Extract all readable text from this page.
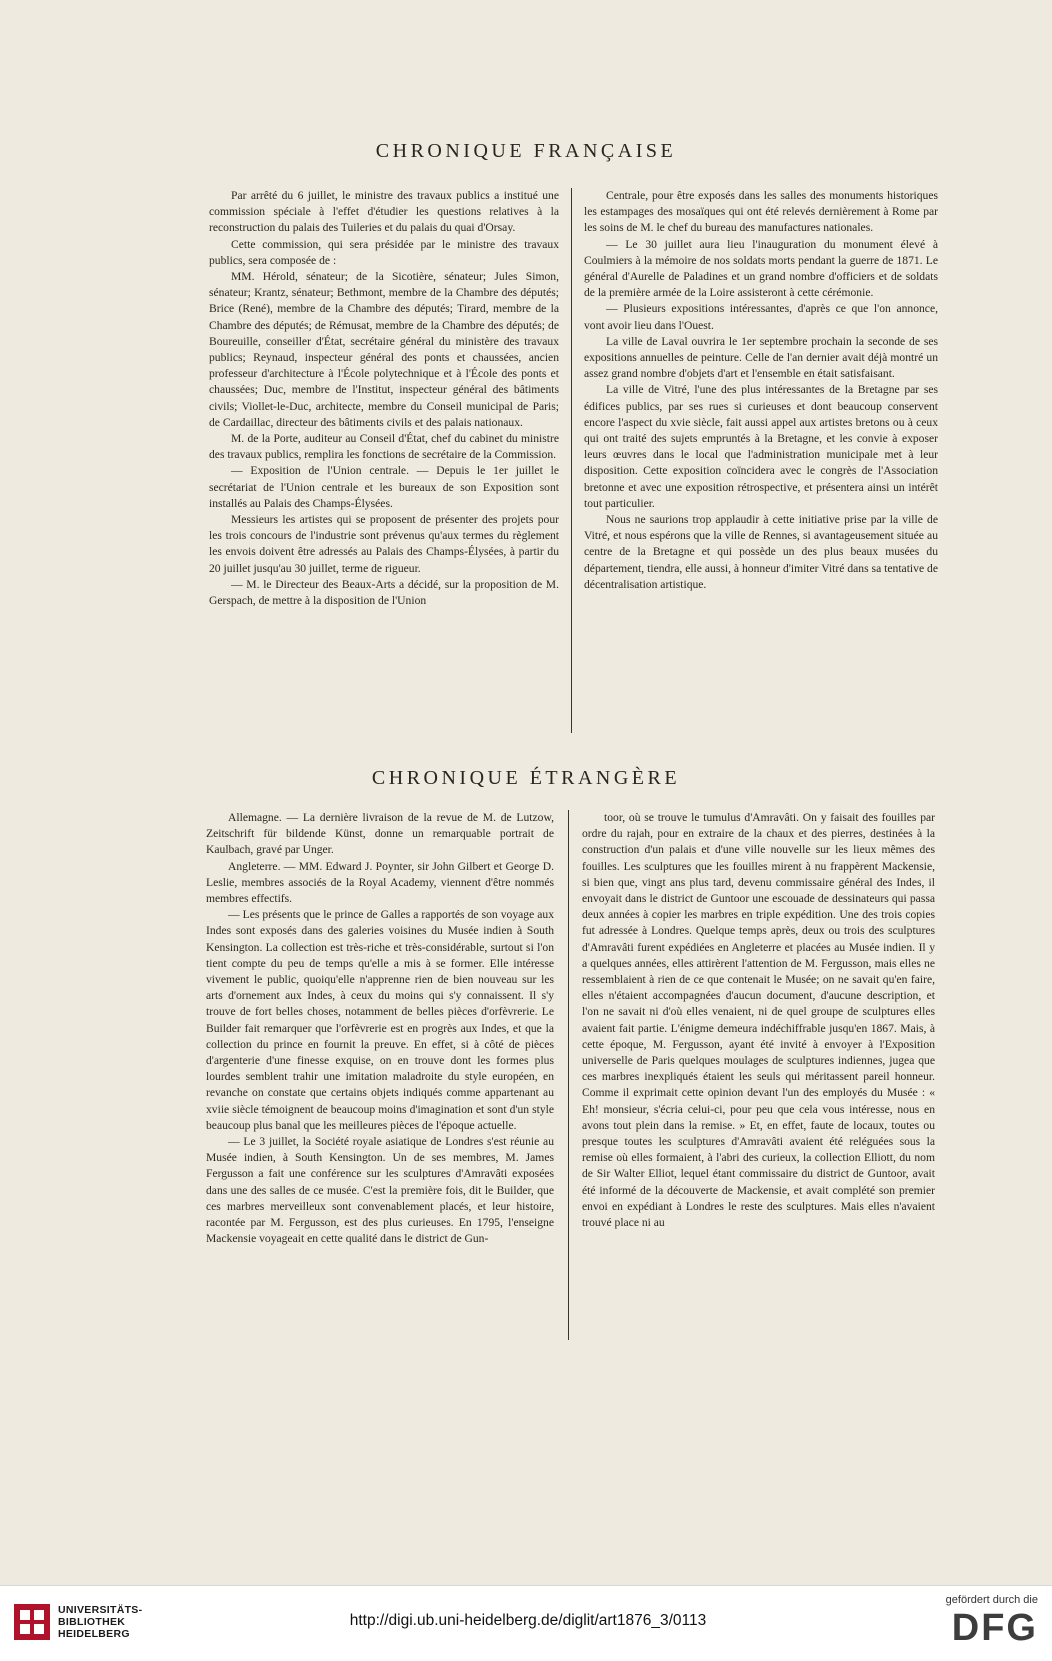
CHRONIQUE FRANÇAISE

Par arrêté du 6 juillet, le ministre des travaux publics a institué une commission spéciale à l'effet d'étudier les questions relatives à la reconstruction du palais des Tuileries et du palais du quai d'Orsay.

Cette commission, qui sera présidée par le ministre des travaux publics, sera composée de :

MM. Hérold, sénateur; de la Sicotière, sénateur; Jules Simon, sénateur; Krantz, sénateur; Bethmont, membre de la Chambre des députés; Brice (René), membre de la Chambre des députés; Tirard, membre de la Chambre des députés; de Rémusat, membre de la Chambre des députés; de Boureuille, conseiller d'État, secrétaire général du ministère des travaux publics; Reynaud, inspecteur général des ponts et chaussées, ancien professeur d'architecture à l'École polytechnique et à l'École des ponts et chaussées; Duc, membre de l'Institut, inspecteur général des bâtiments civils; Viollet-le-Duc, architecte, membre du Conseil municipal de Paris; de Cardaillac, directeur des bâtiments civils et des palais nationaux.

M. de la Porte, auditeur au Conseil d'État, chef du cabinet du ministre des travaux publics, remplira les fonctions de secrétaire de la Commission.

— Exposition de l'Union centrale. — Depuis le 1er juillet le secrétariat de l'Union centrale et les bureaux de son Exposition sont installés au Palais des Champs-Élysées.

Messieurs les artistes qui se proposent de présenter des projets pour les trois concours de l'industrie sont prévenus qu'aux termes du règlement les envois doivent être adressés au Palais des Champs-Élysées, à partir du 20 juillet jusqu'au 30 juillet, terme de rigueur.

— M. le Directeur des Beaux-Arts a décidé, sur la proposition de M. Gerspach, de mettre à la disposition de l'Union

Centrale, pour être exposés dans les salles des monuments historiques les estampages des mosaïques qui ont été relevés dernièrement à Rome par les soins de M. le chef du bureau des manufactures nationales.

— Le 30 juillet aura lieu l'inauguration du monument élevé à Coulmiers à la mémoire de nos soldats morts pendant la guerre de 1871. Le général d'Aurelle de Paladines et un grand nombre d'officiers et de soldats de la première armée de la Loire assisteront à cette cérémonie.

— Plusieurs expositions intéressantes, d'après ce que l'on annonce, vont avoir lieu dans l'Ouest.

La ville de Laval ouvrira le 1er septembre prochain la seconde de ses expositions annuelles de peinture. Celle de l'an dernier avait déjà montré un assez grand nombre d'objets d'art et l'ensemble en était satisfaisant.

La ville de Vitré, l'une des plus intéressantes de la Bretagne par ses édifices publics, par ses rues si curieuses et dont beaucoup conservent encore l'aspect du xvie siècle, fait aussi appel aux artistes bretons ou à ceux qui ont traité des sujets empruntés à la Bretagne, et les convie à exposer leurs œuvres dans le local que l'administration municipale met à leur disposition. Cette exposition coïncidera avec le congrès de l'Association bretonne et avec une exposition rétrospective, et présentera ainsi un intérêt tout particulier.

Nous ne saurions trop applaudir à cette initiative prise par la ville de Vitré, et nous espérons que la ville de Rennes, si avantageusement située au centre de la Bretagne et qui possède un des plus beaux musées du département, tiendra, elle aussi, à honneur d'imiter Vitré dans sa tentative de décentralisation artistique.

CHRONIQUE ÉTRANGÈRE

Allemagne. — La dernière livraison de la revue de M. de Lutzow, Zeitschrift für bildende Künst, donne un remarquable portrait de Kaulbach, gravé par Unger.

Angleterre. — MM. Edward J. Poynter, sir John Gilbert et George D. Leslie, membres associés de la Royal Academy, viennent d'être nommés membres effectifs.

— Les présents que le prince de Galles a rapportés de son voyage aux Indes sont exposés dans des galeries voisines du Musée indien à South Kensington. La collection est très-riche et très-considérable, surtout si l'on tient compte du peu de temps qu'elle a mis à se former. Elle intéresse vivement le public, quoiqu'elle n'apprenne rien de bien nouveau sur les arts d'ornement aux Indes, à ceux du moins qui s'y connaissent. Il s'y trouve de fort belles choses, notamment de belles pièces d'orfèvrerie. Le Builder fait remarquer que l'orfèvrerie est en progrès aux Indes, et que la collection du prince en fournit la preuve. En effet, si à côté de pièces d'argenterie d'une finesse exquise, on en trouve dont les formes plus lourdes semblent trahir une imitation maladroite du style européen, en revanche on constate que certains objets indiqués comme appartenant au xviie siècle témoignent de beaucoup moins d'imagination et sont d'un style beaucoup plus banal que les meilleures pièces de l'époque actuelle.

— Le 3 juillet, la Société royale asiatique de Londres s'est réunie au Musée indien, à South Kensington. Un de ses membres, M. James Fergusson a fait une conférence sur les sculptures d'Amravâti exposées dans une des salles de ce musée. C'est la première fois, dit le Builder, que ces marbres merveilleux sont convenablement placés, et leur histoire, racontée par M. Fergusson, est des plus curieuses. En 1795, l'enseigne Mackensie voyageait en cette qualité dans le district de Gun-

toor, où se trouve le tumulus d'Amravâti. On y faisait des fouilles par ordre du rajah, pour en extraire de la chaux et des pierres, destinées à la construction d'un palais et d'une ville nouvelle sur les lieux mêmes des fouilles. Les sculptures que les fouilles mirent à nu frappèrent Mackensie, si bien que, vingt ans plus tard, devenu commissaire général des Indes, il envoyait dans le district de Guntoor une escouade de dessinateurs qui passa deux années à copier les marbres en triple expédition. Une des trois copies fut adressée à Londres. Quelque temps après, deux ou trois des sculptures d'Amravâti furent expédiées en Angleterre et placées au Musée indien. Il y a quelques années, elles attirèrent l'attention de M. Fergusson, mais elles ne ressemblaient à rien de ce que contenait le Musée; on ne savait qu'en faire, elles n'étaient accompagnées d'aucun document, d'aucune description, et l'on ne savait ni d'où elles venaient, ni de quel groupe de sculptures elles avaient fait partie. L'énigme demeura indéchiffrable jusqu'en 1867. Mais, à cette époque, M. Fergusson, ayant été invité à envoyer à l'Exposition universelle de Paris quelques moulages de sculptures indiennes, jugea que ces marbres inexpliqués étaient les seuls qui méritassent pareil honneur. Comme il exprimait cette opinion devant l'un des employés du Musée : « Eh! monsieur, s'écria celui-ci, pour peu que cela vous intéresse, nous en avons tout plein dans la remise. » Et, en effet, faute de locaux, toutes ou presque toutes les sculptures d'Amravâti avaient été reléguées sous la remise où elles formaient, à l'abri des curieux, la collection Elliott, du nom de Sir Walter Elliot, lequel étant commissaire du district de Guntoor, avait été informé de la découverte de Mackensie, et avait complété son premier envoi en expédiant à Londres le reste des sculptures. Mais elles n'avaient trouvé place ni au

UNIVERSITÄTS-
BIBLIOTHEK
HEIDELBERG
http://digi.ub.uni-heidelberg.de/diglit/art1876_3/0113
gefördert durch die
DFG
